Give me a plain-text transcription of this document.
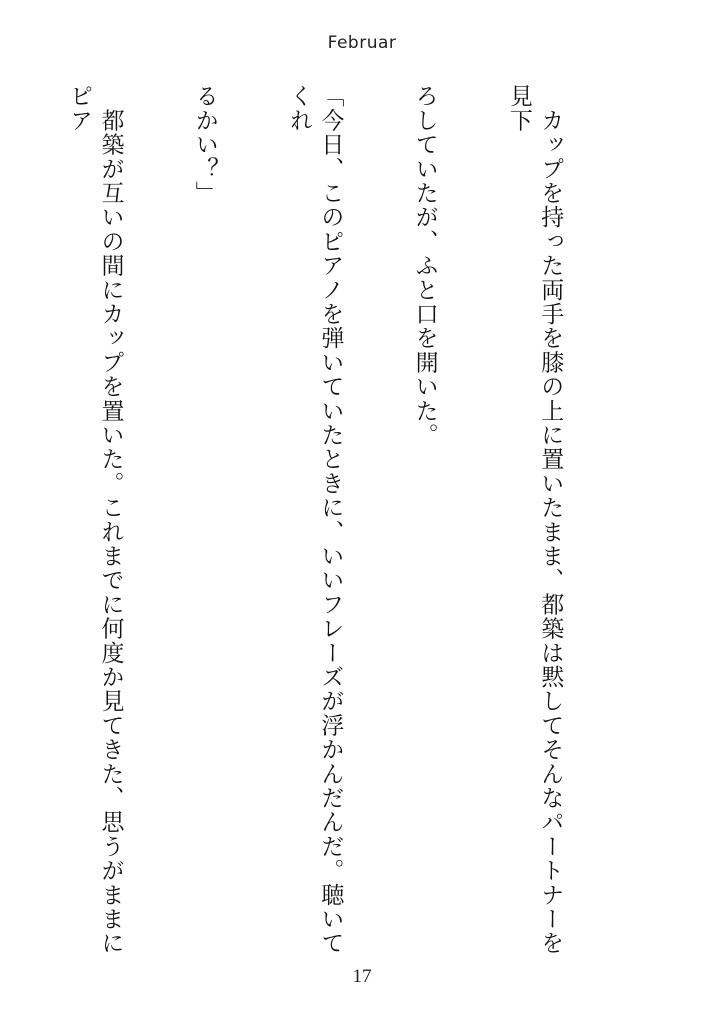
Februar

　カップを持った両手を膝の上に置いたまま、都築は黙してそんなパートナーを見下

ろしていたが、ふと口を開いた。

「今日、このピアノを弾いていたときに、いいフレーズが浮かんだんだ。聴いてくれ

るかい？」

　都築が互いの間にカップを置いた。これまでに何度か見てきた、思うがままにピア

17
